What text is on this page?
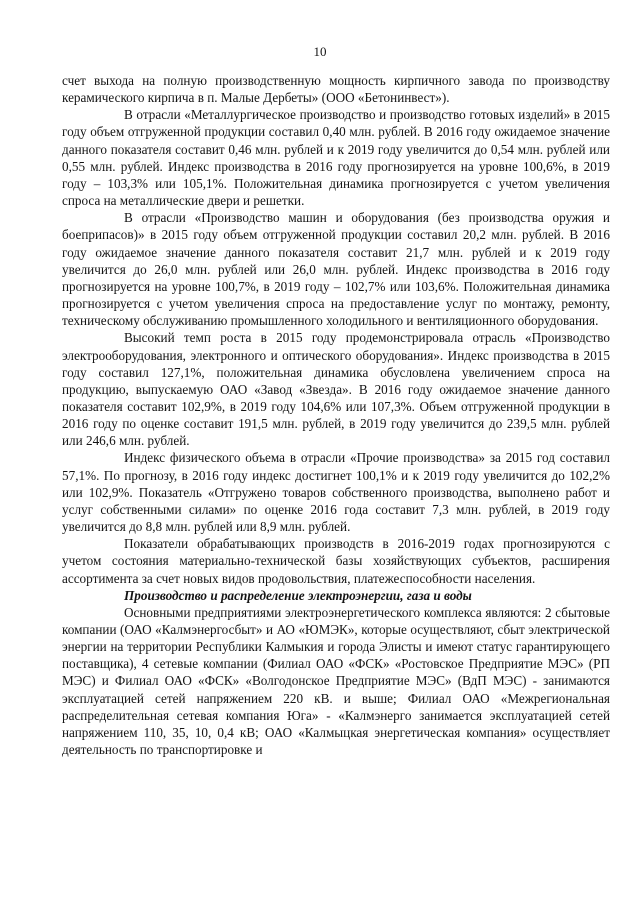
10

счет выхода на полную производственную мощность кирпичного завода по производству керамического кирпича в п. Малые Дербеты» (ООО «Бетонинвест»).

В отрасли «Металлургическое производство и производство готовых изделий» в 2015 году объем отгруженной продукции составил 0,40 млн. рублей. В 2016 году ожидаемое значение данного показателя составит 0,46 млн. рублей и к 2019 году увеличится до 0,54 млн. рублей или 0,55 млн. рублей. Индекс производства в 2016 году прогнозируется на уровне 100,6%, в 2019 году – 103,3% или 105,1%. Положительная динамика прогнозируется с учетом увеличения спроса на металлические двери и решетки.

В отрасли «Производство машин и оборудования (без производства оружия и боеприпасов)» в 2015 году объем отгруженной продукции составил 20,2 млн. рублей. В 2016 году ожидаемое значение данного показателя составит 21,7 млн. рублей и к 2019 году увеличится до 26,0 млн. рублей или 26,0 млн. рублей. Индекс производства в 2016 году прогнозируется на уровне 100,7%, в 2019 году – 102,7% или 103,6%. Положительная динамика прогнозируется с учетом увеличения спроса на предоставление услуг по монтажу, ремонту, техническому обслуживанию промышленного холодильного и вентиляционного оборудования.

Высокий темп роста в 2015 году продемонстрировала отрасль «Производство электрооборудования, электронного и оптического оборудования». Индекс производства в 2015 году составил 127,1%, положительная динамика обусловлена увеличением спроса на продукцию, выпускаемую ОАО «Завод «Звезда». В 2016 году ожидаемое значение данного показателя составит 102,9%, в 2019 году 104,6% или 107,3%. Объем отгруженной продукции в 2016 году по оценке составит 191,5 млн. рублей, в 2019 году увеличится до 239,5 млн. рублей или 246,6 млн. рублей.

Индекс физического объема в отрасли «Прочие производства» за 2015 год составил 57,1%. По прогнозу, в 2016 году индекс достигнет 100,1% и к 2019 году увеличится до 102,2% или 102,9%. Показатель «Отгружено товаров собственного производства, выполнено работ и услуг собственными силами» по оценке 2016 года составит 7,3 млн. рублей, в 2019 году увеличится до 8,8 млн. рублей или 8,9 млн. рублей.

Показатели обрабатывающих производств в 2016-2019 годах прогнозируются с учетом состояния материально-технической базы хозяйствующих субъектов, расширения ассортимента за счет новых видов продовольствия, платежеспособности населения.

Производство и распределение электроэнергии, газа и воды

Основными предприятиями электроэнергетического комплекса являются: 2 сбытовые компании (ОАО «Калмэнергосбыт» и АО «ЮМЭК», которые осуществляют, сбыт электрической энергии на территории Республики Калмыкия и города Элисты и имеют статус гарантирующего поставщика), 4 сетевые компании (Филиал ОАО «ФСК» «Ростовское Предприятие МЭС» (РП МЭС) и Филиал ОАО «ФСК» «Волгодонское Предприятие МЭС» (ВдП МЭС) - занимаются эксплуатацией сетей напряжением 220 кВ. и выше; Филиал ОАО «Межрегиональная распределительная сетевая компания Юга» - «Калмэнерго занимается эксплуатацией сетей напряжением 110, 35, 10, 0,4 кВ; ОАО «Калмыцкая энергетическая компания» осуществляет деятельность по транспортировке и
